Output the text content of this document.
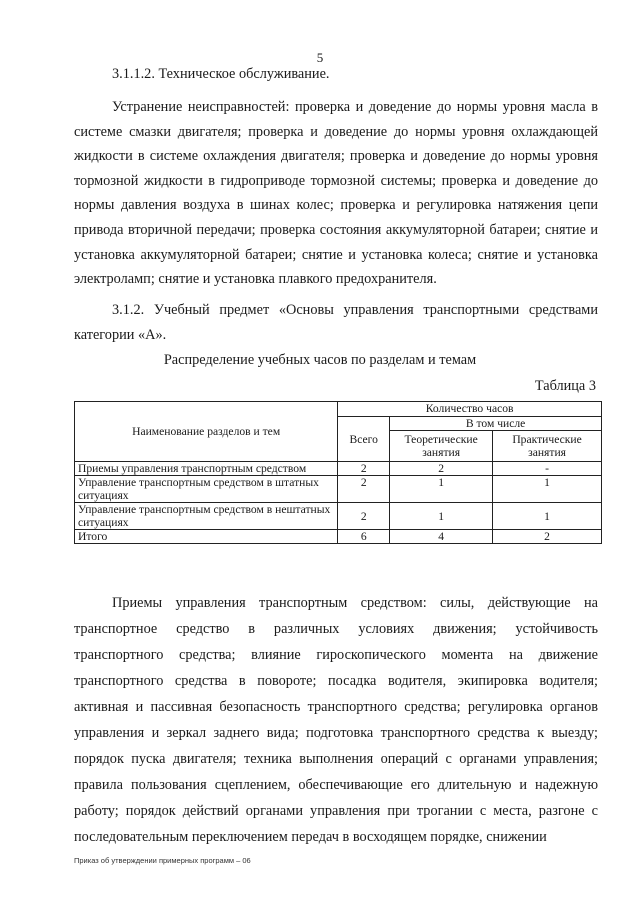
5
3.1.1.2. Техническое обслуживание.

Устранение неисправностей: проверка и доведение до нормы уровня масла в системе смазки двигателя; проверка и доведение до нормы уровня охлаждающей жидкости в системе охлаждения двигателя; проверка и доведение до нормы уровня тормозной жидкости в гидроприводе тормозной системы; проверка и доведение до нормы давления воздуха в шинах колес; проверка и регулировка натяжения цепи привода вторичной передачи; проверка состояния аккумуляторной батареи; снятие и установка аккумуляторной батареи; снятие и установка колеса; снятие и установка электроламп; снятие и установка плавкого предохранителя.

3.1.2. Учебный предмет «Основы управления транспортными средствами категории «А».

Распределение учебных часов по разделам и темам
Таблица 3
Наименование разделов и тем	Количество часов		
	Всего	В том числе	
		Теоретические занятия	Практические занятия
Приемы управления транспортным средством	2	2	-
Управление транспортным средством в штатных ситуациях	2	1	1
Управление транспортным средством в нештатных ситуациях	2	1	1
Итого	6	4	2

Приемы управления транспортным средством: силы, действующие на транспортное средство в различных условиях движения; устойчивость транспортного средства; влияние гироскопического момента на движение транспортного средства в повороте; посадка водителя, экипировка водителя; активная и пассивная безопасность транспортного средства; регулировка органов управления и зеркал заднего вида; подготовка транспортного средства к выезду; порядок пуска двигателя; техника выполнения операций с органами управления; правила пользования сцеплением, обеспечивающие его длительную и надежную работу; порядок действий органами управления при трогании с места, разгоне с последовательным переключением передач в восходящем порядке, снижении

Приказ об утверждении примерных программ – 06
